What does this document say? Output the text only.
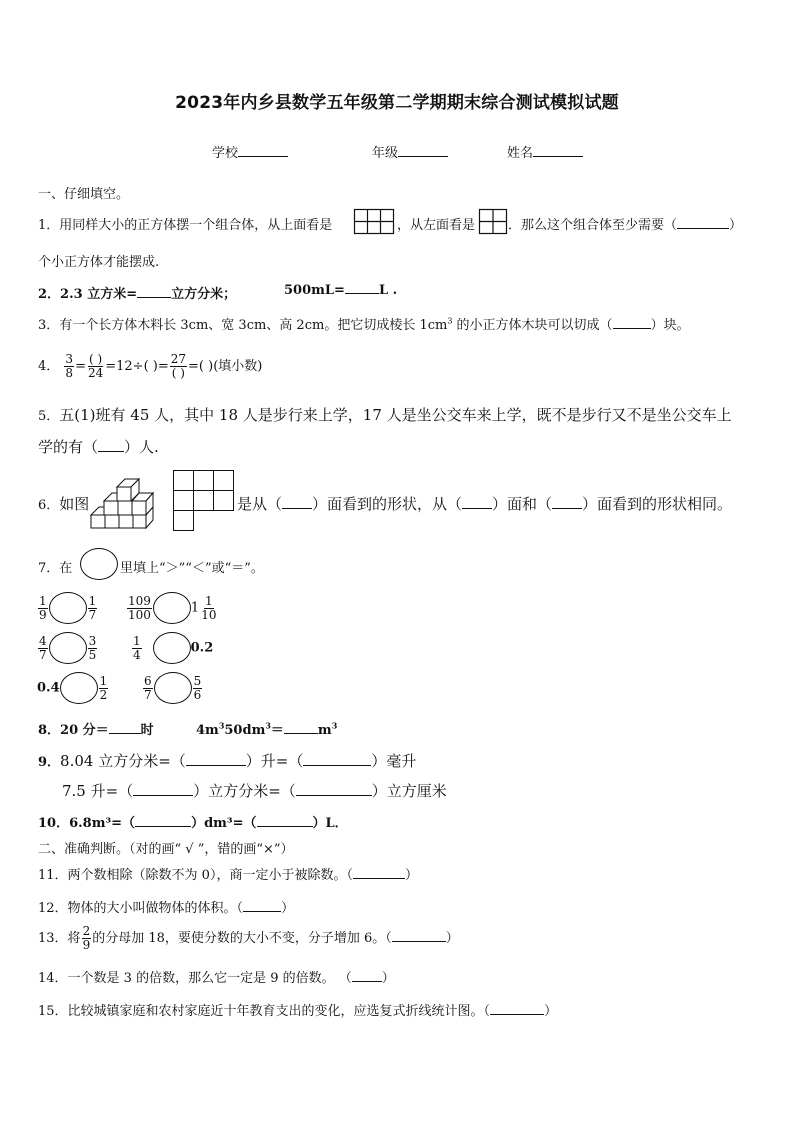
2023年内乡县数学五年级第二学期期末综合测试模拟试题
学校	年级	姓名
一、仔细填空。
1．用同样大小的正方体摆一个组合体，从上面看是	，从左面看是	．那么这个组合体至少需要（	）
个小正方体才能摆成.
2．2.3 立方米=	立方分米；	500mL=	L .
3．有一个长方体木料长 3cm、宽 3cm、高 2cm。把它切成棱长 $1cm^3$ 的小正方体木块可以切成（	）块。
4． $\frac{3}{8} = \frac{( )}{24} =12\div$( )= $\frac{27}{( )}$ =( )(填小数)
5．五(1)班有 45 人，其中 18 人是步行来上学，17 人是坐公交车来上学，既不是步行又不是坐公交车上
学的有（ ）人.
6．如图	是从（ ）面看到的形状，从（ ）面和（ ）面看到的形状相同。
7．在	里填上“＞”“＜”或“＝”。
$\frac{1}{9}$	$\frac{1}{7} \frac{109}{100}$	$1 \frac{1}{10}$
$\frac{4}{7}$	$\frac{3}{5}$	$\frac{1}{4}$	0.2
0.4	$\frac{1}{2}$	$\frac{6}{7}$	$\frac{5}{6}$
8．20 分＝ 时	$4m^350dm^3=$	$m^3$
9．8.04 立方分米=（	）升=（	）毫升
7.5 升=（	）立方分米=（	）立方厘米
10．6.8m³=（	）dm³=（	）L．
二、准确判断。（对的画“ √ ”，错的画“×”）
11．两个数相除（除数不为 0），商一定小于被除数。（	）
12．物体的大小叫做物体的体积。（	）
13．将 $\frac{2}{9}$ 的分母加 18，要使分数的大小不变，分子增加 6。（	）
14．一个数是 3 的倍数，那么它一定是 9 的倍数。 （ ）
15．比较城镇家庭和农村家庭近十年教育支出的变化，应选复式折线统计图。（	）
